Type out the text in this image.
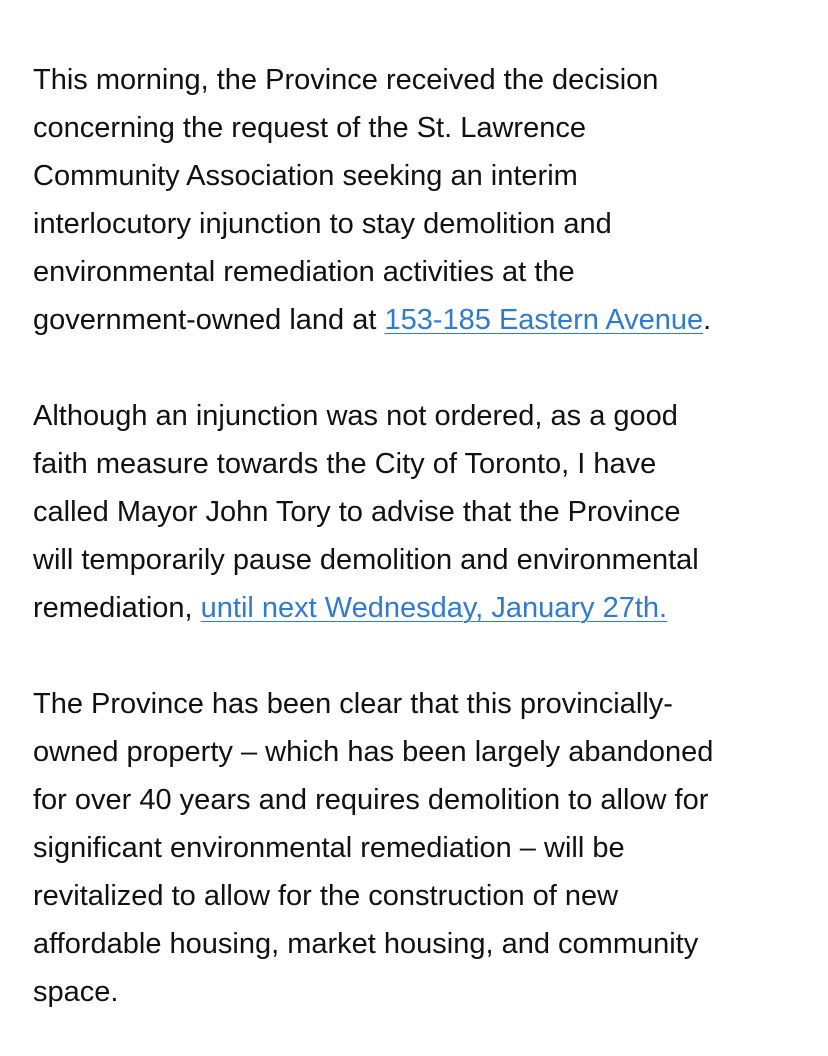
This morning, the Province received the decision
concerning the request of the St. Lawrence
Community Association seeking an interim
interlocutory injunction to stay demolition and
environmental remediation activities at the
government-owned land at 153-185 Eastern Avenue.

Although an injunction was not ordered, as a good
faith measure towards the City of Toronto, I have
called Mayor John Tory to advise that the Province
will temporarily pause demolition and environmental
remediation, until next Wednesday, January 27th.

The Province has been clear that this provincially-
owned property – which has been largely abandoned
for over 40 years and requires demolition to allow for
significant environmental remediation – will be
revitalized to allow for the construction of new
affordable housing, market housing, and community
space.
